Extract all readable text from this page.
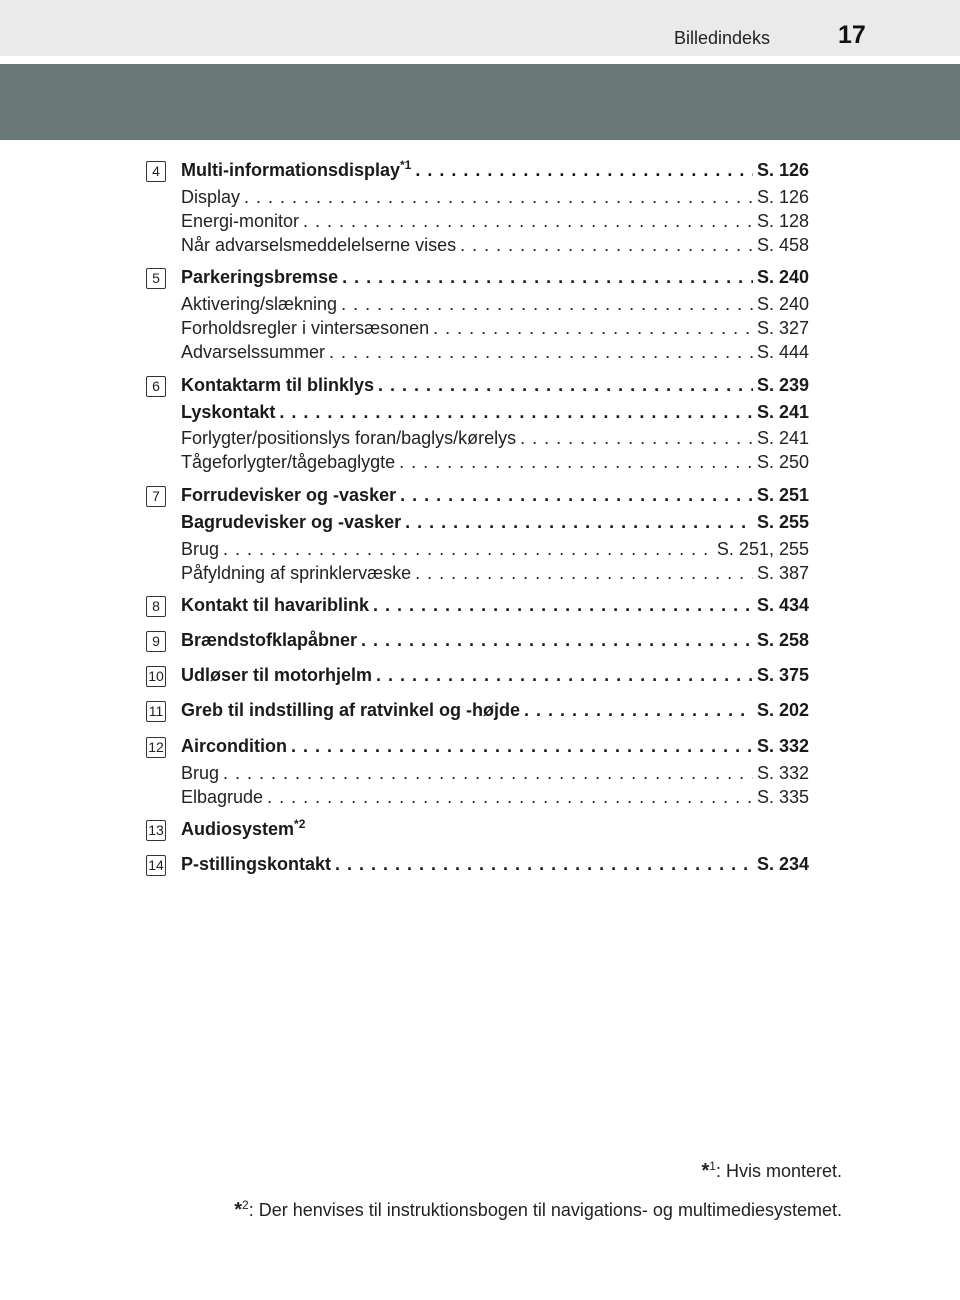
Billedindeks	17
4	Multi-informationsdisplay$^{*1}$ . . .	S. 126
Display . . .	S. 126
Energi-monitor . . .	S. 128
Når advarselsmeddelelserne vises . . .	S. 458
5	Parkeringsbremse . . .	S. 240
Aktivering/slækning . . .	S. 240
Forholdsregler i vintersæsonen . . .	S. 327
Advarselssummer . . .	S. 444
6	Kontaktarm til blinklys . . .	S. 239
Lyskontakt . . .	S. 241
Forlygter/positionslys foran/baglys/kørelys . . .	S. 241
Tågeforlygter/tågebaglygte . . .	S. 250
7	Forrudevisker og -vasker . . .	S. 251
Bagrudevisker og -vasker . . .	S. 255
Brug . . .	S. 251, 255
Påfyldning af sprinklervæske . . .	S. 387
8	Kontakt til havariblink . . .	S. 434
9	Brændstofklapåbner . . .	S. 258
10 Udløser til motorhjelm . . .	S. 375
11 Greb til indstilling af ratvinkel og -højde . . .	S. 202
12 Aircondition . . .	S. 332
Brug . . .	S. 332
Elbagrude . . .	S. 335
13 Audiosystem$^{*2}$
14 P-stillingskontakt . . .	S. 234
*$^1$: Hvis monteret.
*$^2$: Der henvises til instruktionsbogen til navigations- og multimediesystemet.
